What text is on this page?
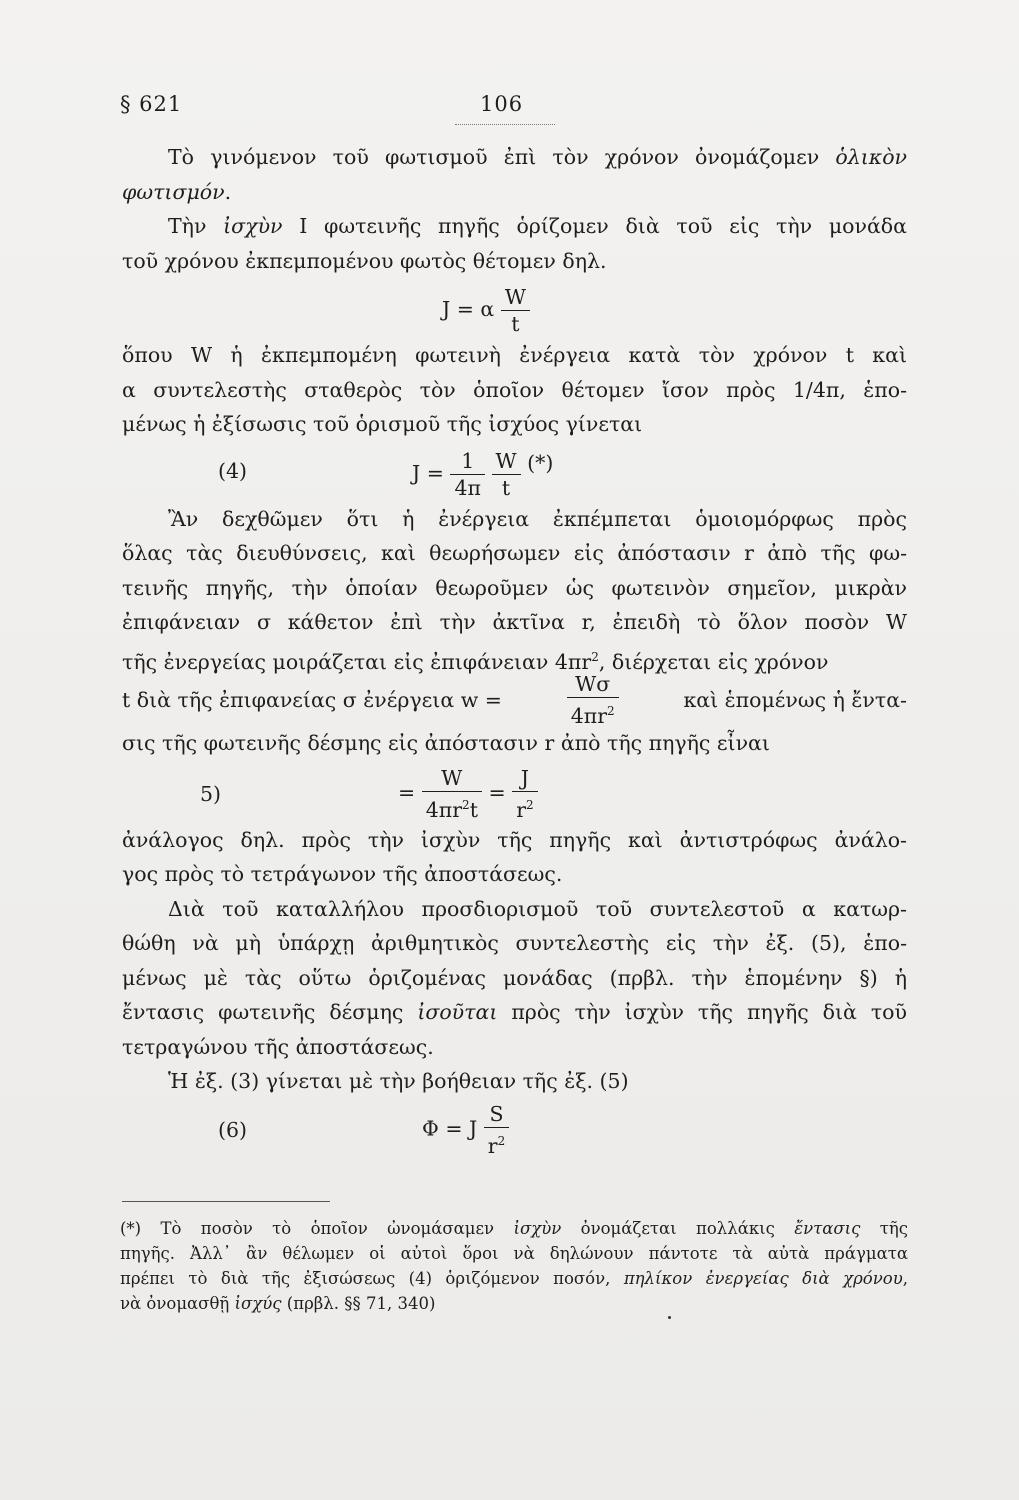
§ 621	106
Τὸ γινόμενον τοῦ φωτισμοῦ ἐπὶ τὸν χρόνον ὀνομάζομεν ὁλικὸν
φωτισμόν.
Τὴν ἰσχὺν I φωτεινῆς πηγῆς ὁρίζομεν διὰ τοῦ εἰς τὴν μονάδα
τοῦ χρόνου ἐκπεμπομένου φωτὸς θέτομεν δηλ.
J = α $\frac{W}{t}$
ὅπου W ἡ ἐκπεμπομένη φωτεινὴ ἐνέργεια κατὰ τὸν χρόνον t καὶ
α συντελεστὴς σταθερὸς τὸν ὁποῖον θέτομεν ἴσον πρὸς 1/4π, ἑπο-
μένως ἡ ἐξίσωσις τοῦ ὁρισμοῦ τῆς ἰσχύος γίνεται
(4)	$J = \frac{1}{4\pi}$
$\frac{W}{t}$ (*)
Ἂν δεχθῶμεν ὅτι ἡ ἐνέργεια ἐκπέμπεται ὁμοιομόρφως πρὸς
ὅλας τὰς διευθύνσεις, καὶ θεωρήσωμεν εἰς ἀπόστασιν r ἀπὸ τῆς φω-
τεινῆς πηγῆς, τὴν ὁποίαν θεωροῦμεν ὡς φωτεινὸν σημεῖον, μικρὰν
ἐπιφάνειαν σ κάθετον ἐπὶ τὴν ἀκτῖνα r, ἐπειδὴ τὸ ὅλον ποσὸν W
τῆς ἐνεργείας μοιράζεται εἰς ἐπιφάνειαν $4\pi r^2$, διέρχεται εἰς χρόνον
t διὰ τῆς ἐπιφανείας σ ἐνέργεια w =	$\frac{W\sigma}{4\pi r^2}$	καὶ ἑπομένως ἡ ἔντα-
σις τῆς φωτεινῆς δέσμης εἰς ἀπόστασιν r ἀπὸ τῆς πηγῆς εἶναι
5)	= $\frac{W}{4\pi r^2t} = \frac{J}{r^2}$
ἀνάλογος δηλ. πρὸς τὴν ἰσχὺν τῆς πηγῆς καὶ ἀντιστρόφως ἀνάλο-
γος πρὸς τὸ τετράγωνον τῆς ἀποστάσεως.
Διὰ τοῦ καταλλήλου προσδιορισμοῦ τοῦ συντελεστοῦ α κατωρ-
θώθη νὰ μὴ ὑπάρχῃ ἀριθμητικὸς συντελεστὴς εἰς τὴν ἐξ. (5), ἑπο-
μένως μὲ τὰς οὕτω ὁριζομένας μονάδας (πρβλ. τὴν ἑπομένην §) ἡ
ἔντασις φωτεινῆς δέσμης ἰσοῦται πρὸς τὴν ἰσχὺν τῆς πηγῆς διὰ τοῦ
τετραγώνου τῆς ἀποστάσεως.
Ἡ ἐξ. (3) γίνεται μὲ τὴν βοήθειαν τῆς ἐξ. (5)
(6)	Φ = J $\frac{S}{r^2}$
(*) Τὸ ποσὸν τὸ ὁποῖον ὠνομάσαμεν ἰσχὺν ὀνομάζεται πολλάκις ἔντασις τῆς
πηγῆς. Ἀλλ᾽ ἂν θέλωμεν οἱ αὐτοὶ ὅροι νὰ δηλώνουν πάντοτε τὰ αὐτὰ πράγματα
πρέπει τὸ διὰ τῆς ἐξισώσεως (4) ὁριζόμενον ποσόν, πηλίκον ἐνεργείας διὰ χρόνου,
νὰ ὀνομασθῇ ἰσχύς (πρβλ. §§ 71, 340)
